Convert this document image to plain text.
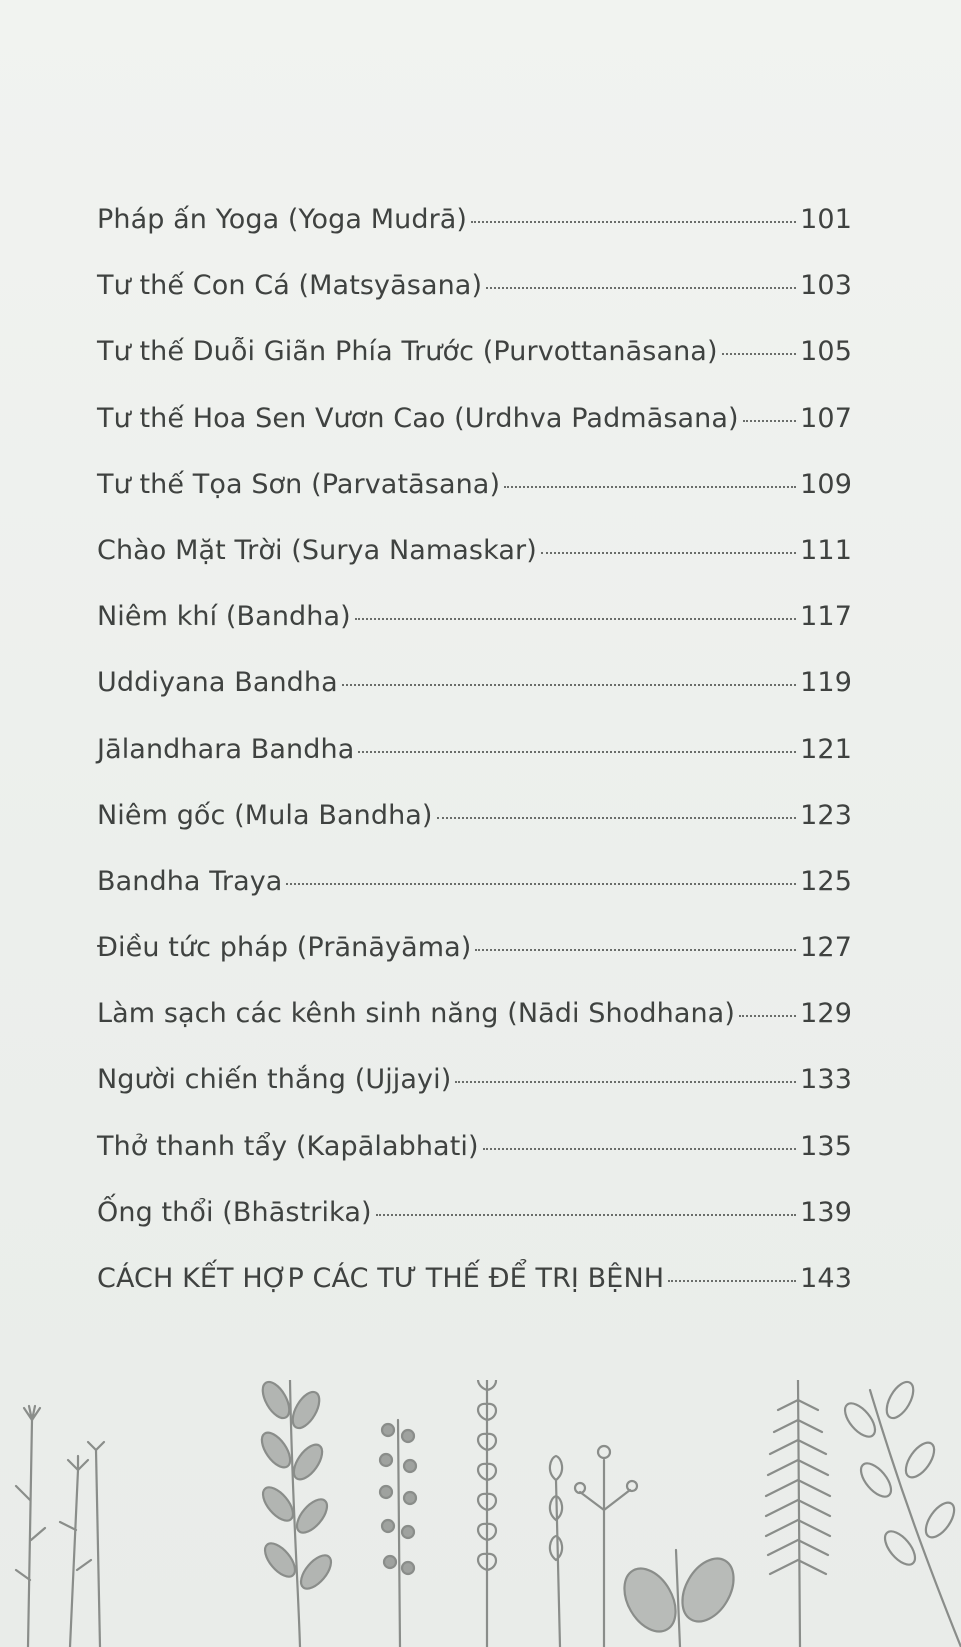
Pháp ấn Yoga (Yoga Mudrā)	101
Tư thế Con Cá (Matsyāsana)	103
Tư thế Duỗi Giãn Phía Trước (Purvottanāsana)	105
Tư thế Hoa Sen Vươn Cao (Urdhva Padmāsana) 107
Tư thế Tọa Sơn (Parvatāsana)	109
Chào Mặt Trời (Surya Namaskar)	111
Niêm khí (Bandha)	117
Uddiyana Bandha	119
Jālandhara Bandha	121
Niêm gốc (Mula Bandha)	123
Bandha Traya	125
Điều tức pháp (Prānāyāma)	127
Làm sạch các kênh sinh năng (Nādi Shodhana) 129
Người chiến thắng (Ujjayi)	133
Thở thanh tẩy (Kapālabhati)	135
Ống thổi (Bhāstrika)	139
CÁCH KẾT HỢP CÁC TƯ THẾ ĐỂ TRỊ BỆNH	143
